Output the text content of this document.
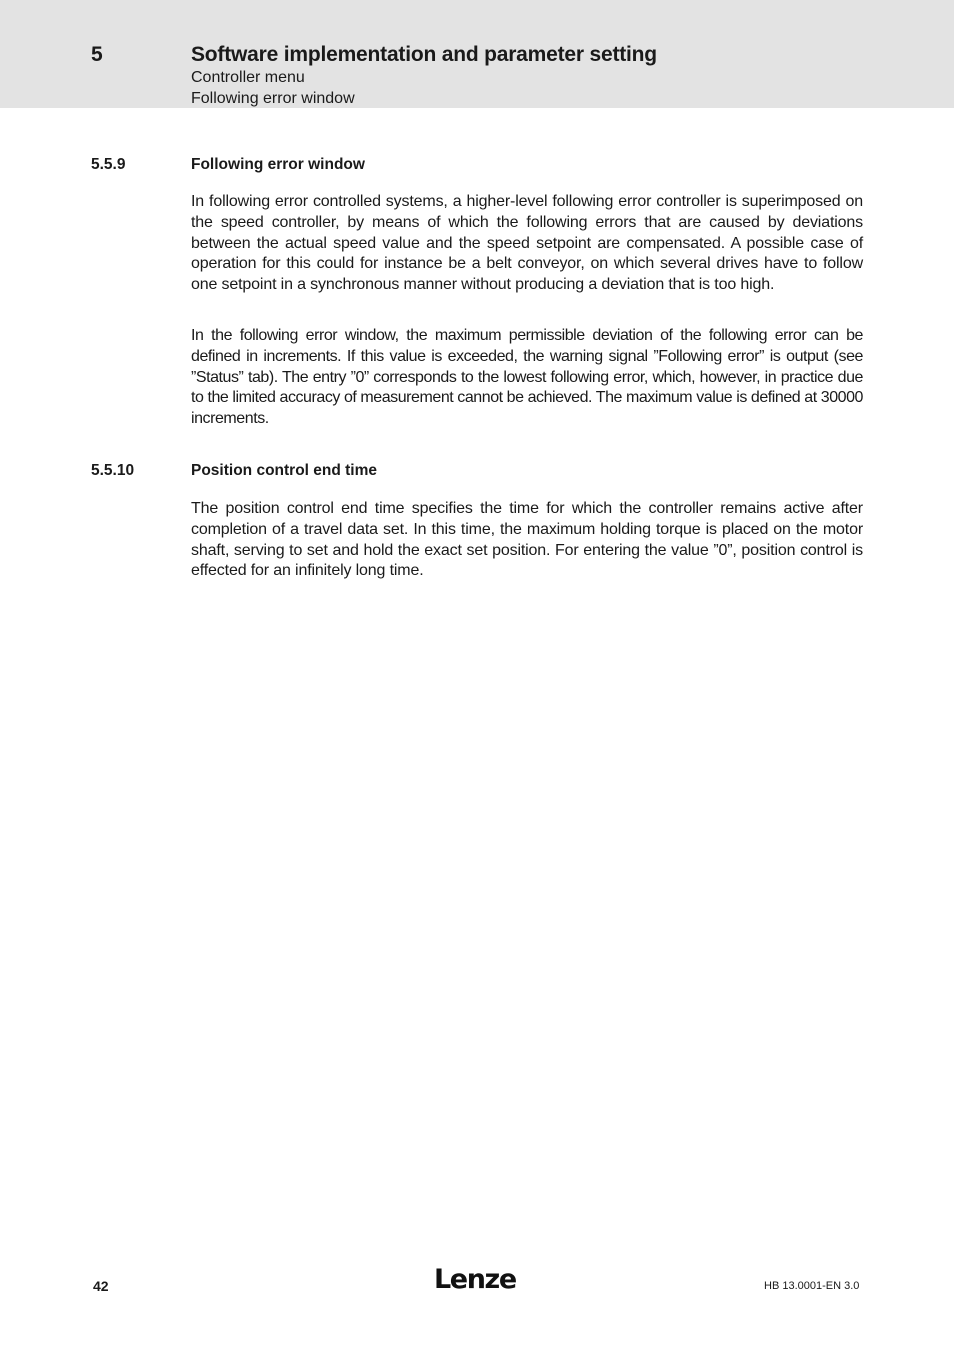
5	Software implementation and parameter setting
Controller menu
Following error window
5.5.9	Following error window

In following error controlled systems, a higher-level following error controller is superimposed on the speed controller, by means of which the following errors that are caused by deviations between the actual speed value and the speed setpoint are compensated. A possible case of operation for this could for instance be a belt conveyor, on which several drives have to follow one setpoint in a synchronous manner without producing a deviation that is too high.

In the following error window, the maximum permissible deviation of the following error can be defined in increments. If this value is exceeded, the warning signal ”Following error” is output (see ”Status” tab). The entry ”0” corresponds to the lowest following error, which, however, in practice due to the limited accuracy of measurement cannot be achieved. The maximum value is defined at 30000 increments.

5.5.10	Position control end time

The position control end time specifies the time for which the controller remains active after completion of a travel data set. In this time, the maximum holding torque is placed on the motor shaft, serving to set and hold the exact set position. For entering the value ”0”, position control is effected for an infinitely long time.

42	Lenze	HB 13.0001-EN 3.0
